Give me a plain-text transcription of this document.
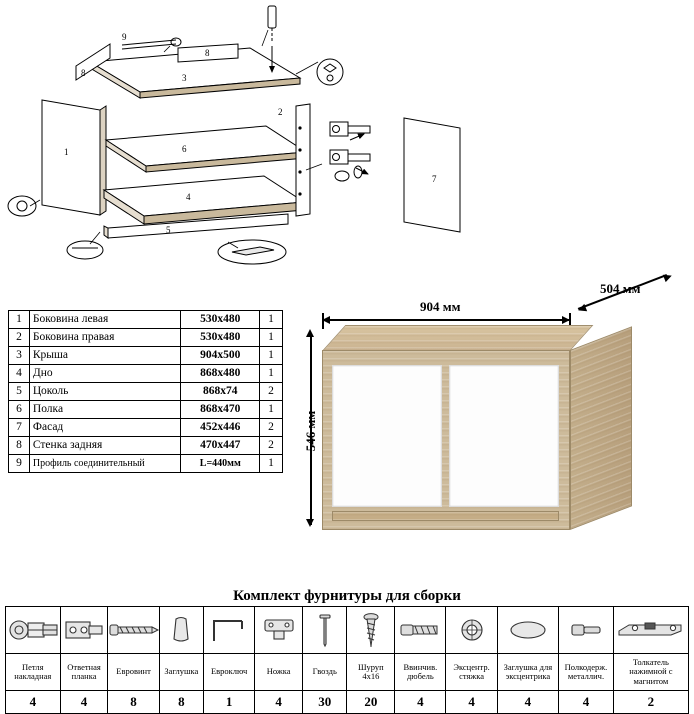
3
8
8
9
1	6
4
5
2
7
1	Боковина левая	530х480	1
2	Боковина правая	530х480	1
3	Крыша	904х500	1
4	Дно	868х480	1
5	Цоколь	868х74	2
6	Полка	868х470	1
7	Фасад	452х446	2
8	Стенка задняя	470х447	2
9	Профиль соединительный	L=440мм	1
904 мм
504 мм
546 мм
Комплект фурнитуры для сборки

Петля накладная	Ответная планка	Евровинт	Заглушка	Евроключ	Ножка	Гвоздь	Шуруп 4х16	Ввинчив. дюбель	Эксцентр. стяжка	Заглушка для эксцентрика	Полкодерж. металлич.	Толкатель нажимной с магнитом
4	4	8	8	1	4	30	20	4	4	4	4	2
